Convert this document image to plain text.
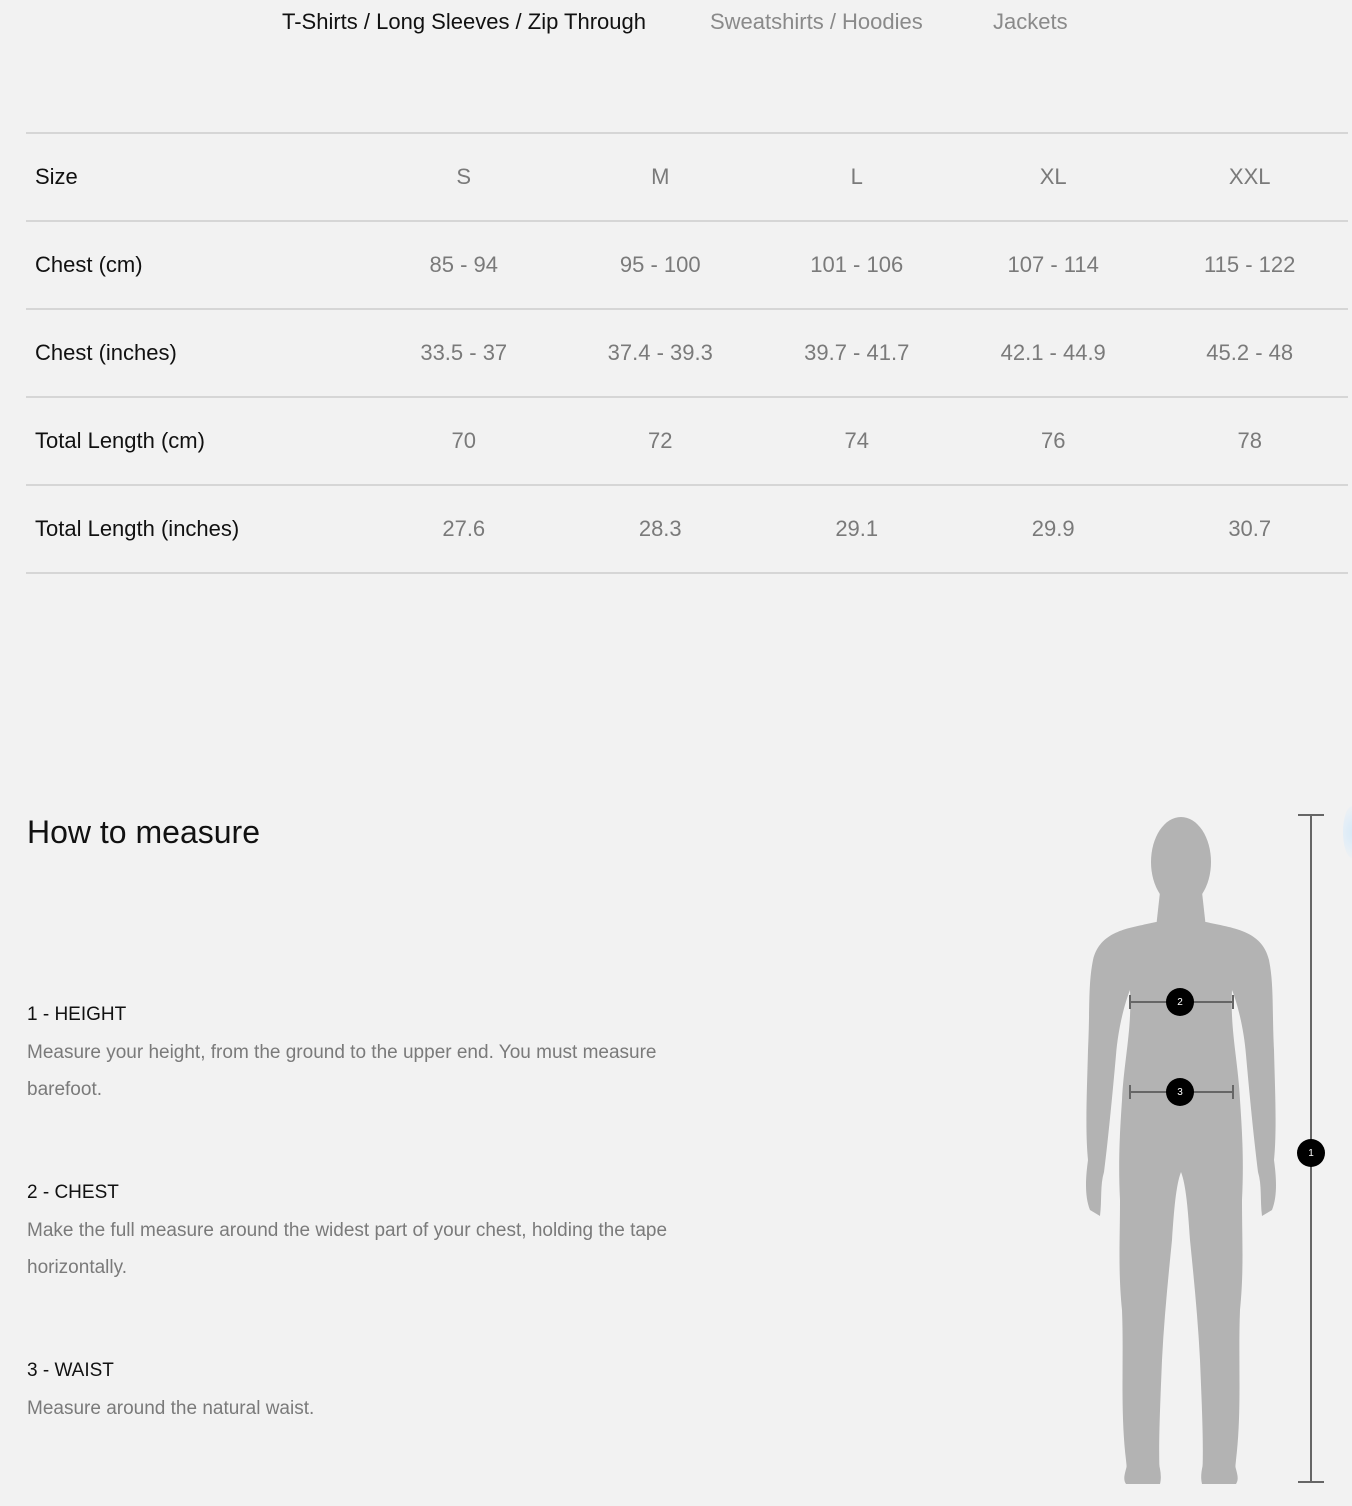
T-Shirts / Long Sleeves / Zip Through	Sweatshirts / Hoodies	Jackets
Size	S	M	L	XL	XXL
Chest (cm)	85 - 94	95 - 100	101 - 106	107 - 114	115 - 122
Chest (inches)	33.5 - 37	37.4 - 39.3	39.7 - 41.7	42.1 - 44.9	45.2 - 48
Total Length (cm)	70	72	74	76	78
Total Length (inches)	27.6	28.3	29.1	29.9	30.7
How to measure
1 - HEIGHT
Measure your height, from the ground to the upper end. You must measure barefoot.
2 - CHEST
Make the full measure around the widest part of your chest, holding the tape horizontally.
3 - WAIST
Measure around the natural waist.
2
3
1
